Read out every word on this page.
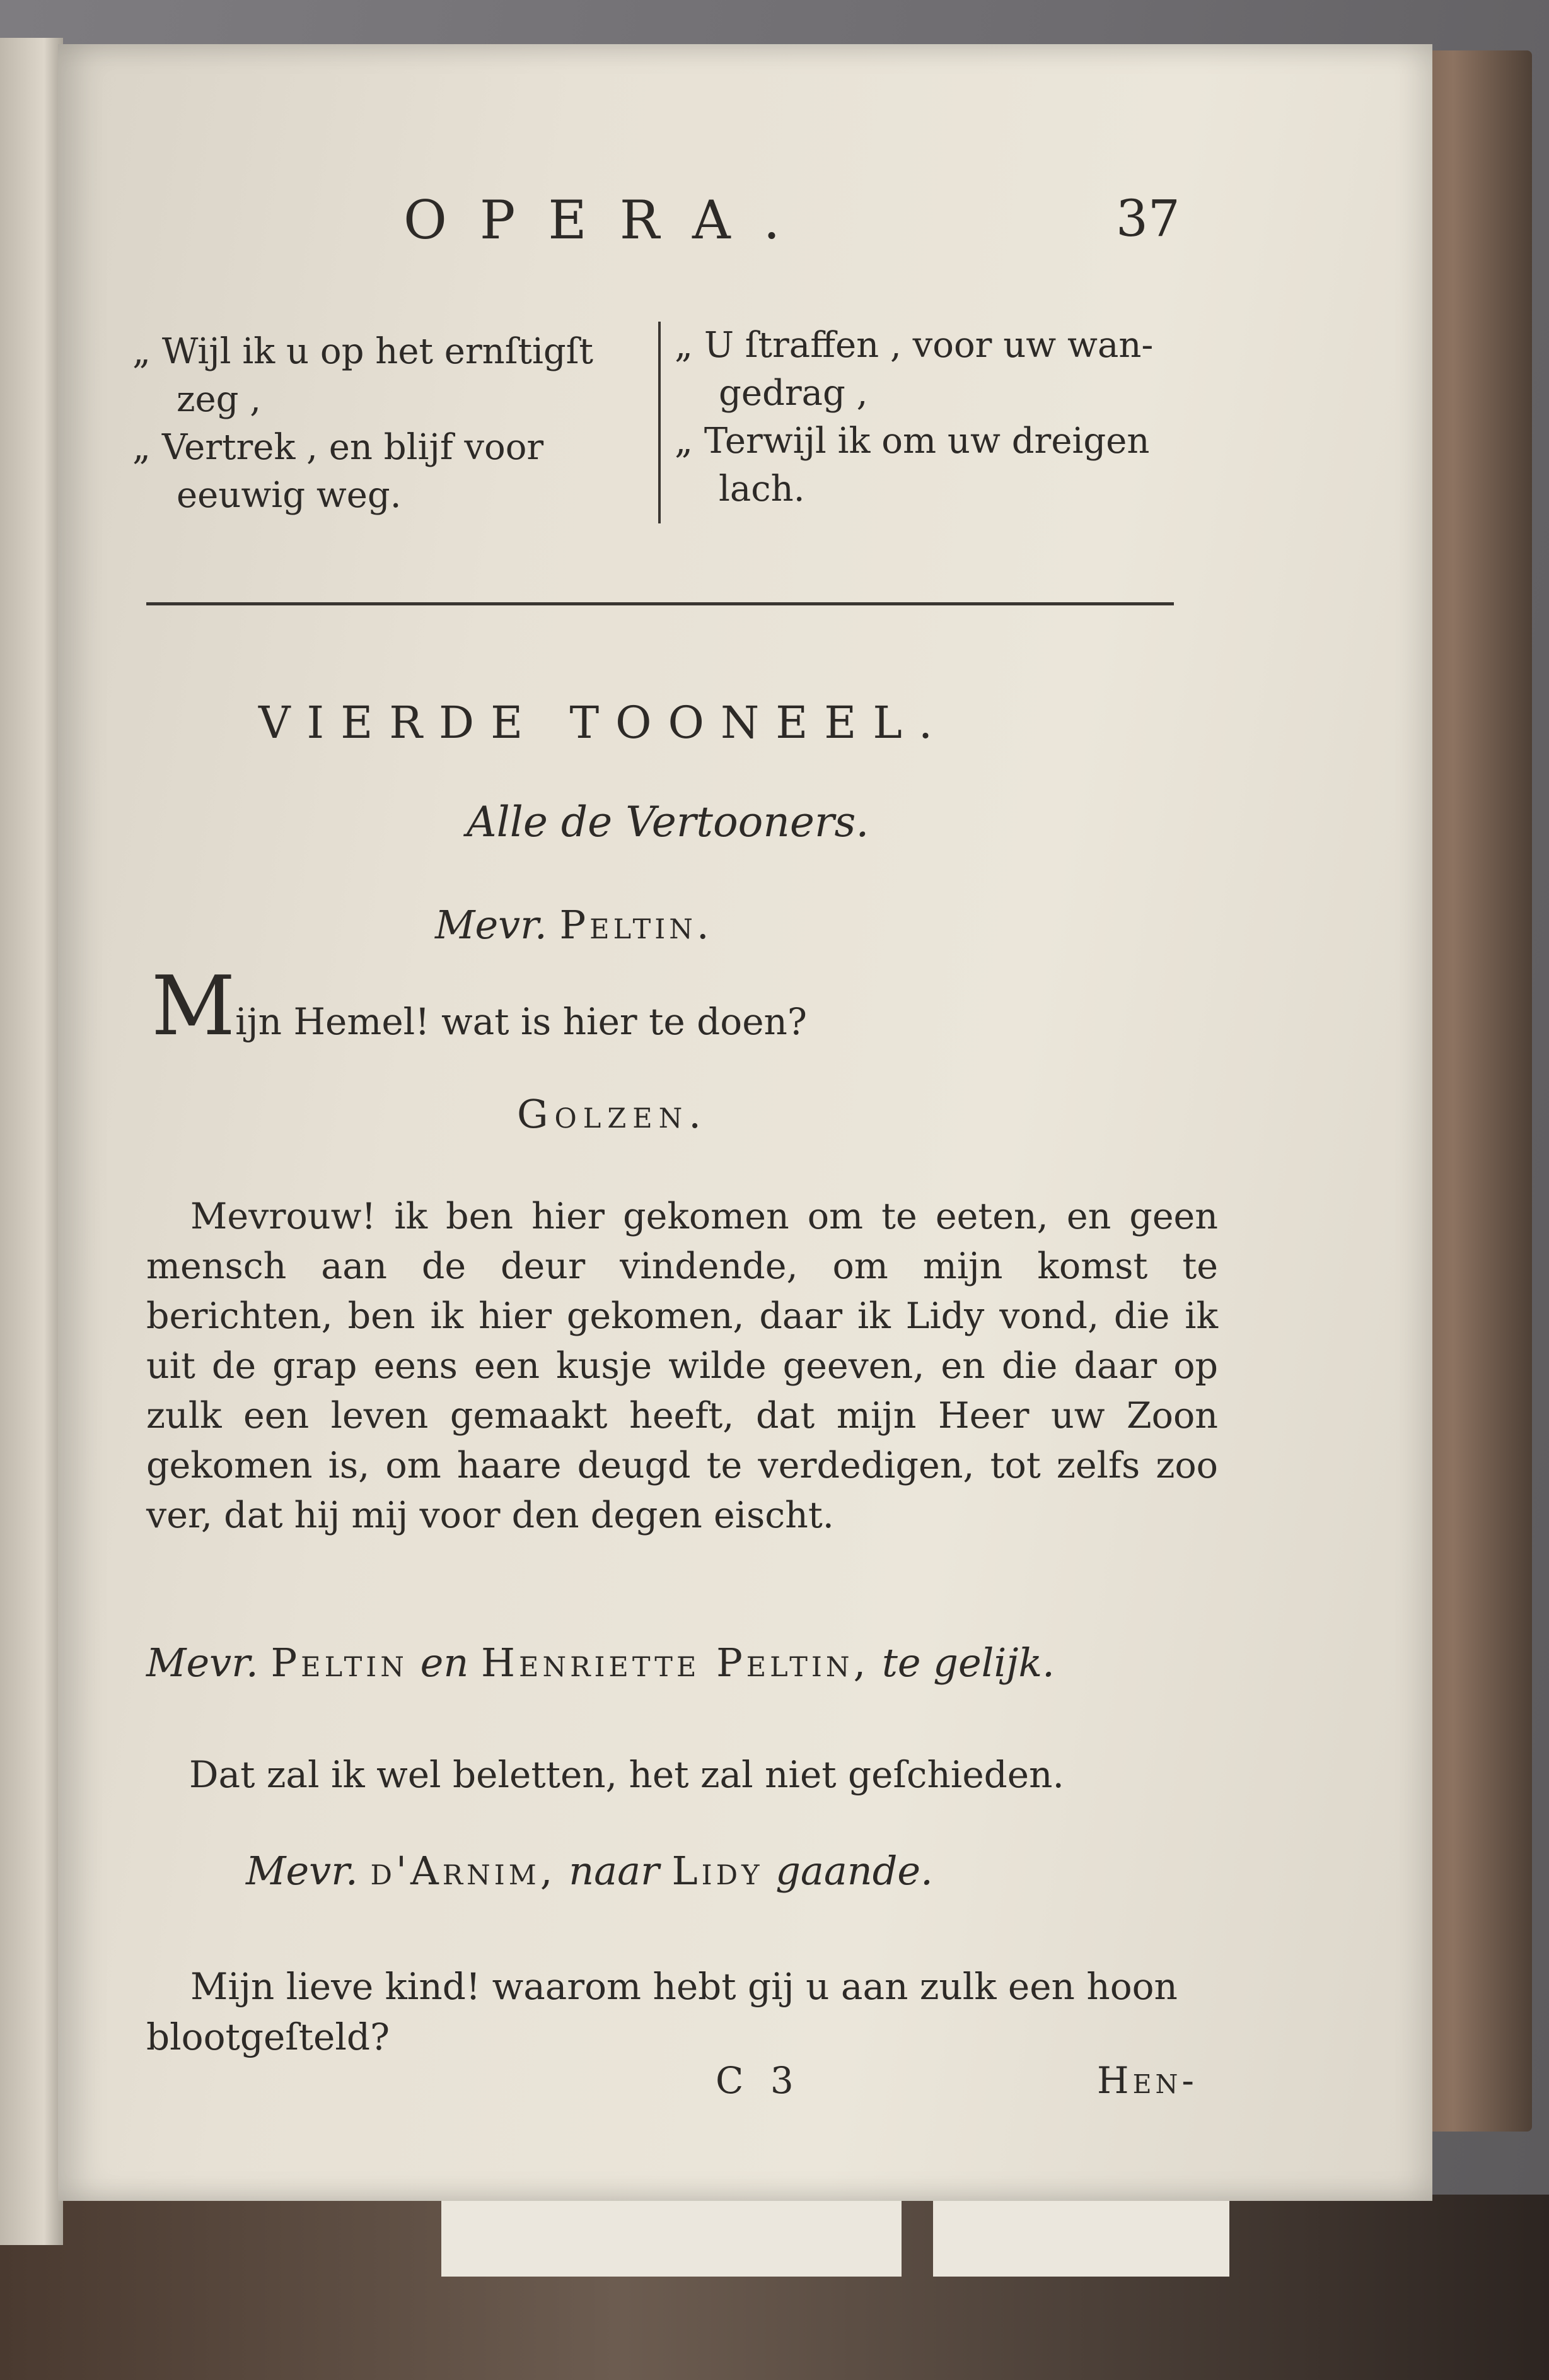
OPERA.	37
„ Wijl ik u op het ernſtigſt
zeg ,
„ Vertrek , en blijf voor
eeuwig weg.
„ U ſtraffen , voor uw wan-
gedrag ,
„ Terwijl ik om uw dreigen
lach.
VIERDE TOONEEL.
Alle de Vertooners.
Mevr. Peltin.
Mijn Hemel! wat is hier te doen?
Golzen.
Mevrouw! ik ben hier gekomen om te eeten, en geen mensch aan de deur vindende, om mijn komst te berichten, ben ik hier gekomen, daar ik Lidy vond, die ik uit de grap eens een kusje wilde geeven, en die daar op zulk een leven gemaakt heeft, dat mijn Heer uw Zoon gekomen is, om haare deugd te verdedigen, tot zelfs zoo ver, dat hij mij voor den degen eischt.
Mevr. Peltin en Henriette Peltin, te gelijk.
Dat zal ik wel beletten, het zal niet geſchieden.
Mevr. d'Arnim, naar Lidy gaande.
Mijn lieve kind! waarom hebt gij u aan zulk een hoon blootgeſteld?
C 3	Hen-
